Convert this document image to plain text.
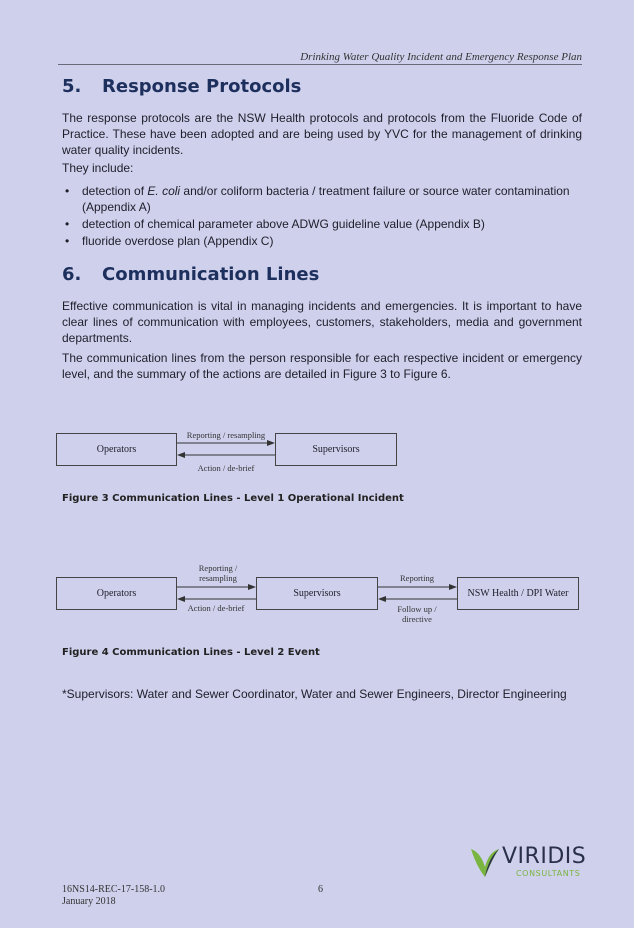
Drinking Water Quality Incident and Emergency Response Plan
5. Response Protocols

The response protocols are the NSW Health protocols and protocols from the Fluoride Code of Practice. These have been adopted and are being used by YVC for the management of drinking water quality incidents.

They include:

• detection of E. coli and/or coliform bacteria / treatment failure or source water contamination (Appendix A)
• detection of chemical parameter above ADWG guideline value (Appendix B)
• fluoride overdose plan (Appendix C)
6. Communication Lines

Effective communication is vital in managing incidents and emergencies. It is important to have clear lines of communication with employees, customers, stakeholders, media and government departments.

The communication lines from the person responsible for each respective incident or emergency level, and the summary of the actions are detailed in Figure 3 to Figure 6.

Operators	Supervisors
Reporting / resampling
Action / de-brief
Figure 3 Communication Lines - Level 1 Operational Incident
Operators	Supervisors	NSW Health / DPI Water
Reporting / resampling
Action / de-brief
Reporting
Follow up / directive
Figure 4 Communication Lines - Level 2 Event
*Supervisors: Water and Sewer Coordinator, Water and Sewer Engineers, Director Engineering
VIRIDIS
CONSULTANTS
16NS14-REC-17-158-1.0
January 2018
6
